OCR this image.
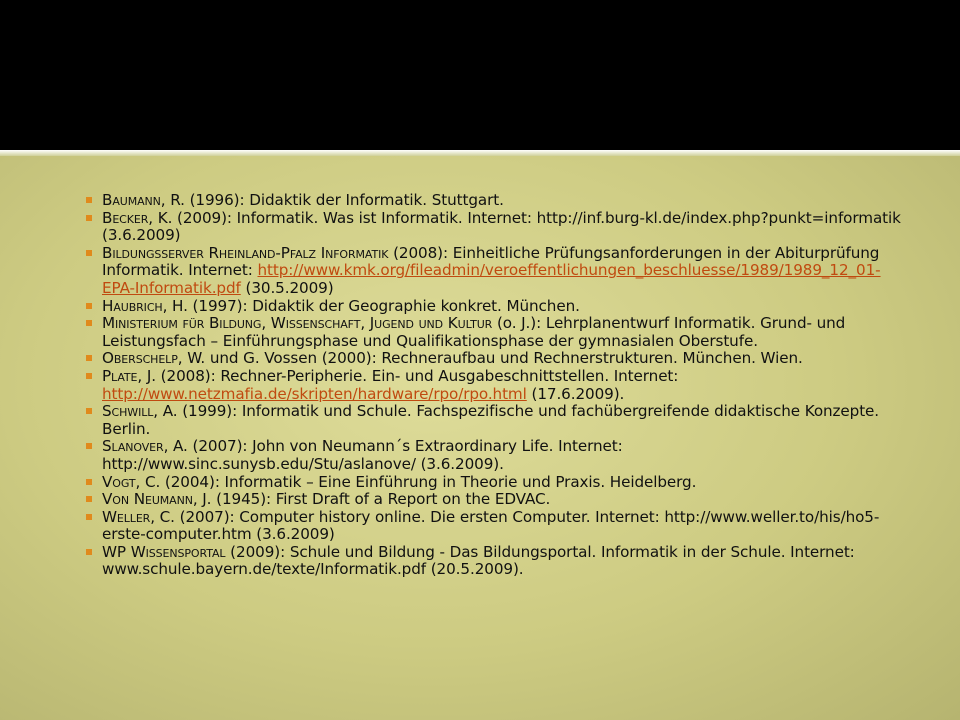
Baumann, R. (1996): Didaktik der Informatik. Stuttgart.
Becker, K. (2009): Informatik. Was ist Informatik. Internet: http://inf.burg-kl.de/index.php?punkt=informatik (3.6.2009)
Bildungsserver Rheinland-Pfalz Informatik (2008): Einheitliche Prüfungsanforderungen in der Abiturprüfung Informatik. Internet: http://www.kmk.org/fileadmin/veroeffentlichungen_beschluesse/1989/1989_12_01-EPA-Informatik.pdf (30.5.2009)
Haubrich, H. (1997): Didaktik der Geographie konkret. München.
Ministerium für Bildung, Wissenschaft, Jugend und Kultur (o. J.): Lehrplanentwurf Informatik. Grund- und Leistungsfach – Einführungsphase und Qualifikationsphase der gymnasialen Oberstufe.
Oberschelp, W. und G. Vossen (2000): Rechneraufbau und Rechnerstrukturen. München. Wien.
Plate, J. (2008): Rechner-Peripherie. Ein- und Ausgabeschnittstellen. Internet: http://www.netzmafia.de/skripten/hardware/rpo/rpo.html (17.6.2009).
Schwill, A. (1999): Informatik und Schule. Fachspezifische und fachübergreifende didaktische Konzepte. Berlin.
Slanover, A. (2007): John von Neumann´s Extraordinary Life. Internet: http://www.sinc.sunysb.edu/Stu/aslanove/ (3.6.2009).
Vogt, C. (2004): Informatik – Eine Einführung in Theorie und Praxis. Heidelberg.
Von Neumann, J. (1945): First Draft of a Report on the EDVAC.
Weller, C. (2007): Computer history online. Die ersten Computer. Internet: http://www.weller.to/his/ho5-erste-computer.htm (3.6.2009)
WP Wissensportal (2009): Schule und Bildung - Das Bildungsportal. Informatik in der Schule. Internet: www.schule.bayern.de/texte/Informatik.pdf (20.5.2009).
